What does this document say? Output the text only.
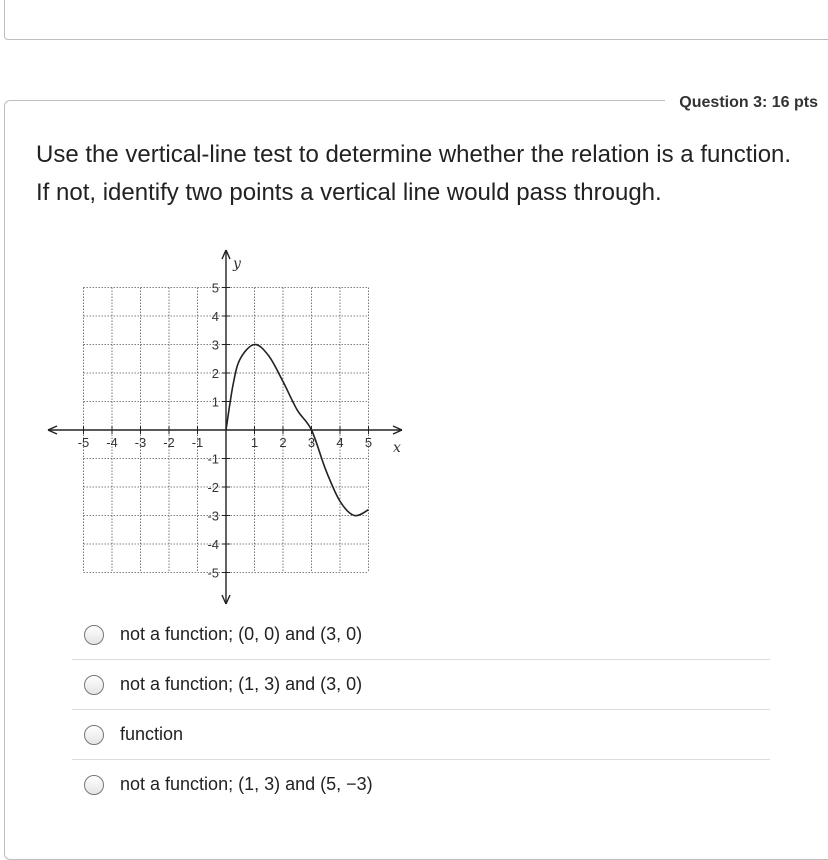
Question 3: 16 pts
Use the vertical-line test to determine whether the relation is a function. If not, identify two points a vertical line would pass through.
x
y
-5 -4 -3 -2 -1	1 2 3 4 5
5
4
3
2
1
-1
-2
-3
-4
-5
not a function; (0, 0) and (3, 0)
not a function; (1, 3) and (3, 0)
function
not a function; (1, 3) and (5, −3)
